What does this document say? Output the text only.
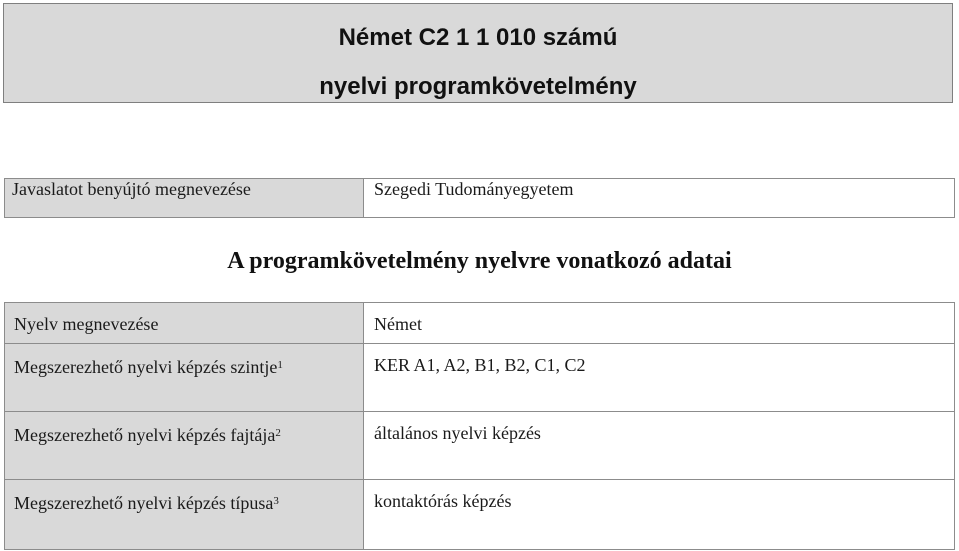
Német C2 1 1 010 számú
nyelvi programkövetelmény
Javaslatot benyújtó megnevezése	Szegedi Tudományegyetem
A programkövetelmény nyelvre vonatkozó adatai
Nyelv megnevezése	Német
Megszerezhető nyelvi képzés szintje$^1$	KER A1, A2, B1, B2, C1, C2
Megszerezhető nyelvi képzés fajtája$^2$	általános nyelvi képzés
Megszerezhető nyelvi képzés típusa$^3$	kontaktórás képzés
